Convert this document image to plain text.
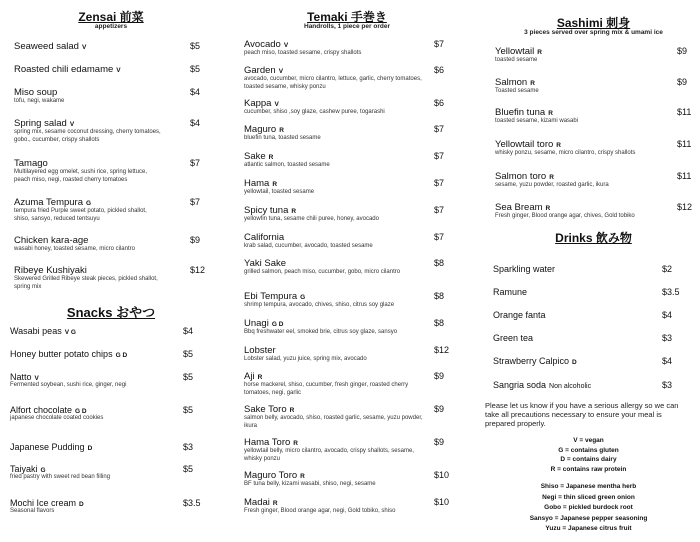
Zensai 前菜
appetizers
Seaweed salad V	$5
Roasted chili edamame V	$5
Miso soup
tofu, negi, wakame
$4
Spring salad V
spring mix, sesame coconut dressing, cherry tomatoes, gobo., cucumber, crispy shallots
$4
Tamago
Multilayered egg omelet, sushi rice, spring lettuce, peach miso, negi, roasted cherry tomatoes
$7
Azuma Tempura G
tempura fried Purple sweet potato, pickled shallot, shiso, sansyo, reduced tentsuyu
$7
Chicken kara-age
wasabi honey, toasted sesame, micro cilantro
$9
Ribeye Kushiyaki
Skewered Grilled Ribeye steak pieces, pickled shallot, spring mix
$12
Snacks おやつ
Wasabi peas V G	$4
Honey butter potato chips G D	$5
Natto V
Fermented soybean, sushi rice, ginger, negi
$5
Alfort chocolate G D
japanese chocolate coated cookies
$5
Japanese Pudding D	$3
Taiyaki G
fried pastry with sweet red bean filling
$5
Mochi Ice cream D
Seasonal flavors
$3.5
Temaki 手巻き
Handrolls, 1 piece per order
Avocado V
peach miso, toasted sesame, crispy shallots
$7
Garden V
avocado, cucumber, micro cilantro, lettuce, garlic, cherry tomatoes, toasted sesame, whisky ponzu
$6
Kappa V
cucumber, shiso ,soy glaze, cashew puree, togarashi
$6
Maguro R
bluefin tuna, toasted sesame
$7
Sake R
atlantic salmon, toasted sesame
$7
Hama R
yellowtail, toasted sesame
$7
Spicy tuna R
yellowfin tuna, sesame chili puree, honey, avocado
$7
California
krab salad, cucumber, avocado, toasted sesame
$7
Yaki Sake
grilled salmon, peach miso, cucumber, gobo, micro cilantro
$8
Ebi Tempura G
shrimp tempura, avocado, chives, shiso, citrus soy glaze
$8
Unagi G D
Bbq freshwater eel, smoked brie, citrus soy glaze, sansyo
$8
Lobster
Lobster salad, yuzu juice, spring mix, avocado
$12
Aji R
horse mackerel, shiso, cucumber, fresh ginger, roasted cherry tomatoes, negi, garlic
$9
Sake Toro R
salmon belly, avocado, shiso, roasted garlic, sesame, yuzu powder, ikura
$9
Hama Toro R
yellowtail belly, micro cilantro, avocado, crispy shallots, sesame, whisky ponzu
$9
Maguro Toro R
BF tuna belly, kizami wasabi, shiso, negi, sesame
$10
Madai R
Fresh ginger, Blood orange agar, negi, Gold tobiko, shiso
$10
Sashimi 刺身
3 pieces served over spring mix & umami ice
Yellowtail R
toasted sesame
$9
Salmon R
Toasted sesame
$9
Bluefin tuna R
toasted sesame, kizami wasabi
$11
Yellowtail toro R
whisky ponzu, sesame, micro cilantro, crispy shallots
$11
Salmon toro R
sesame, yuzu powder, roasted garlic, ikura
$11
Sea Bream R
Fresh ginger, Blood orange agar, chives, Gold tobiko
$12
Drinks 飲み物
Sparkling water	$2
Ramune	$3.5
Orange fanta	$4
Green tea	$3
Strawberry Calpico D	$4
Sangria soda Non alcoholic	$3
Please let us know if you have a serious allergy so we can take all precautions necessary to ensure your meal is prepared properly.
V = vegan
G = contains gluten
D = contains dairy
R = contains raw protein
Shiso = Japanese mentha herb
Negi = thin sliced green onion
Gobo = pickled burdock root
Sansyo = Japanese pepper seasoning
Yuzu = Japanese citrus fruit
